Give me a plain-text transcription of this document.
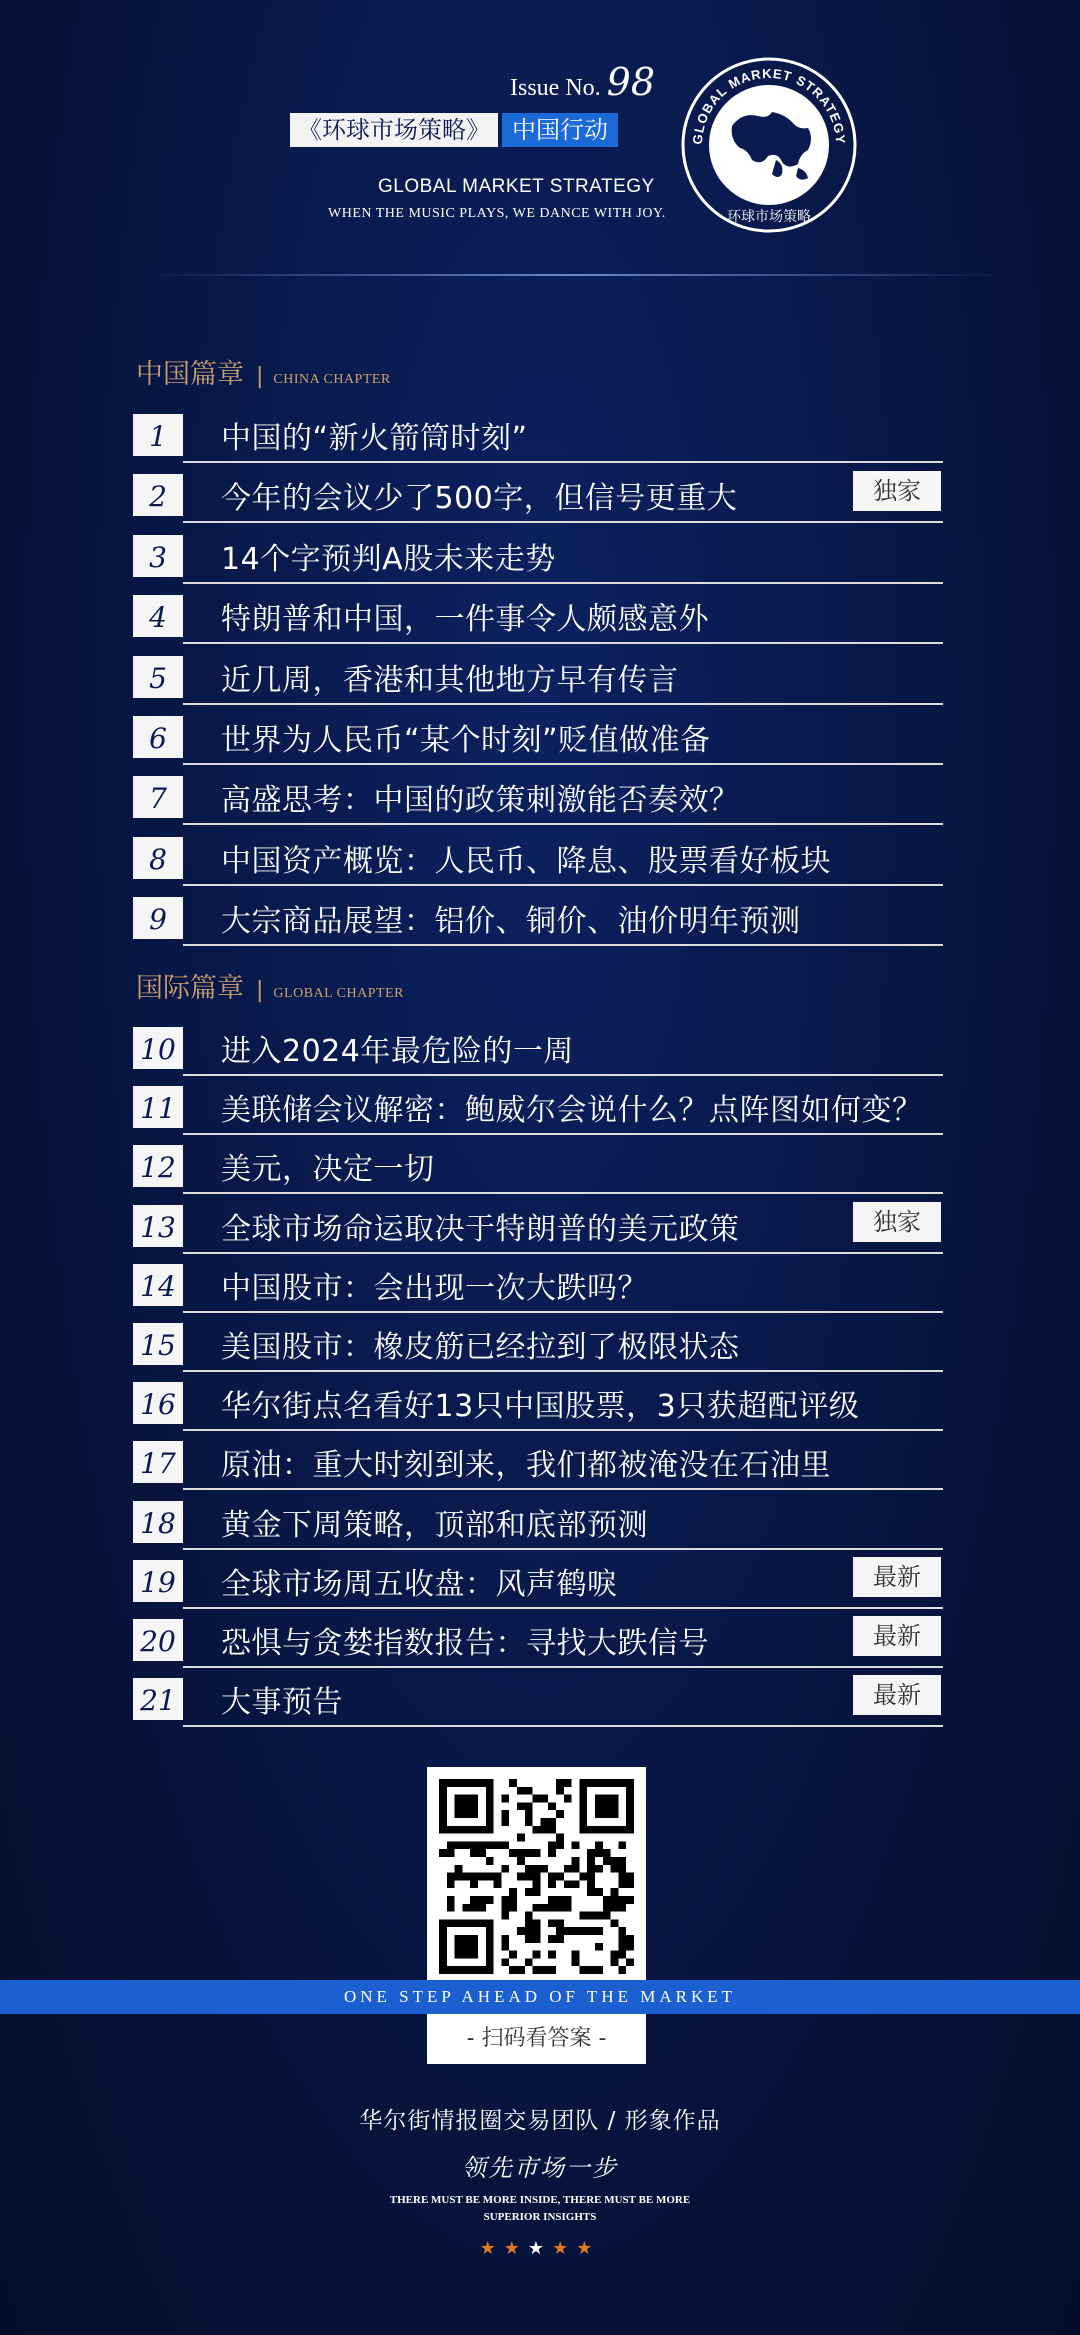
Issue No. 98
《环球市场策略》 中国行动
GLOBAL MARKET STRATEGY
WHEN THE MUSIC PLAYS, WE DANCE WITH JOY.
GLOBAL MARKET STRATEGY
环球市场策略
中国篇章 | CHINA CHAPTER
1	中国的“新火箭筒时刻”
2	今年的会议少了500字，但信号更重大	独家
3	14个字预判A股未来走势
4	特朗普和中国，一件事令人颇感意外
5	近几周，香港和其他地方早有传言
6	世界为人民币“某个时刻”贬值做准备
7	高盛思考：中国的政策刺激能否奏效？
8	中国资产概览：人民币、降息、股票看好板块
9	大宗商品展望：铝价、铜价、油价明年预测
国际篇章 | GLOBAL CHAPTER
10 进入2024年最危险的一周
11 美联储会议解密：鲍威尔会说什么？点阵图如何变？
12 美元，决定一切
13 全球市场命运取决于特朗普的美元政策	独家
14 中国股市：会出现一次大跌吗？
15 美国股市：橡皮筋已经拉到了极限状态
16 华尔街点名看好13只中国股票，3只获超配评级
17 原油：重大时刻到来，我们都被淹没在石油里
18 黄金下周策略，顶部和底部预测
19 全球市场周五收盘：风声鹤唳	最新
20 恐惧与贪婪指数报告：寻找大跌信号	最新
21 大事预告	最新
ONE STEP AHEAD OF THE MARKET
- 扫码看答案 -
华尔街情报圈交易团队 / 形象作品
领先市场一步
THERE MUST BE MORE INSIDE, THERE MUST BE MORE
SUPERIOR INSIGHTS
★★★★★
